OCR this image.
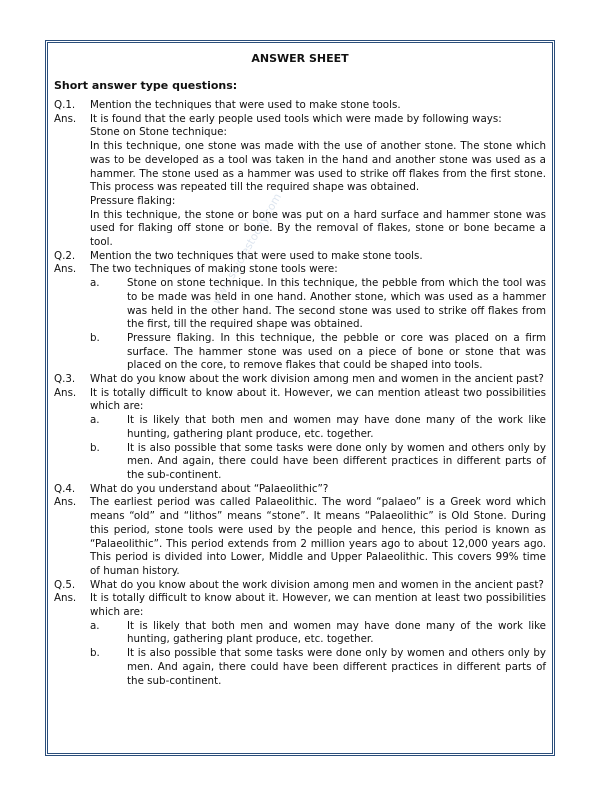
www.studiestoday.com
ANSWER SHEET
Short answer type questions:
Q.1.	Mention the techniques that were used to make stone tools.
Ans.	It is found that the early people used tools which were made by following ways:
Stone on Stone technique:
In this technique, one stone was made with the use of another stone. The stone which was to be developed as a tool was taken in the hand and another stone was used as a hammer. The stone used as a hammer was used to strike off flakes from the first stone. This process was repeated till the required shape was obtained.
Pressure flaking:
In this technique, the stone or bone was put on a hard surface and hammer stone was used for flaking off stone or bone. By the removal of flakes, stone or bone became a tool.
Q.2.	Mention the two techniques that were used to make stone tools.
Ans.	The two techniques of making stone tools were:
a.	Stone on stone technique. In this technique, the pebble from which the tool was to be made was held in one hand. Another stone, which was used as a hammer was held in the other hand. The second stone was used to strike off flakes from the first, till the required shape was obtained.
b.	Pressure flaking. In this technique, the pebble or core was placed on a firm surface. The hammer stone was used on a piece of bone or stone that was placed on the core, to remove flakes that could be shaped into tools.
Q.3.	What do you know about the work division among men and women in the ancient past?
Ans.	It is totally difficult to know about it. However, we can mention atleast two possibilities which are:
a.	It is likely that both men and women may have done many of the work like hunting, gathering plant produce, etc. together.
b.	It is also possible that some tasks were done only by women and others only by men. And again, there could have been different practices in different parts of the sub-continent.
Q.4.	What do you understand about “Palaeolithic”?
Ans.	The earliest period was called Palaeolithic. The word “palaeo” is a Greek word which means “old” and “lithos” means “stone”. It means “Palaeolithic” is Old Stone. During this period, stone tools were used by the people and hence, this period is known as “Palaeolithic”. This period extends from 2 million years ago to about 12,000 years ago. This period is divided into Lower, Middle and Upper Palaeolithic. This covers 99% time of human history.
Q.5.	What do you know about the work division among men and women in the ancient past?
Ans.	It is totally difficult to know about it. However, we can mention at least two possibilities which are:
a.	It is likely that both men and women may have done many of the work like hunting, gathering plant produce, etc. together.
b.	It is also possible that some tasks were done only by women and others only by men. And again, there could have been different practices in different parts of the sub-continent.
